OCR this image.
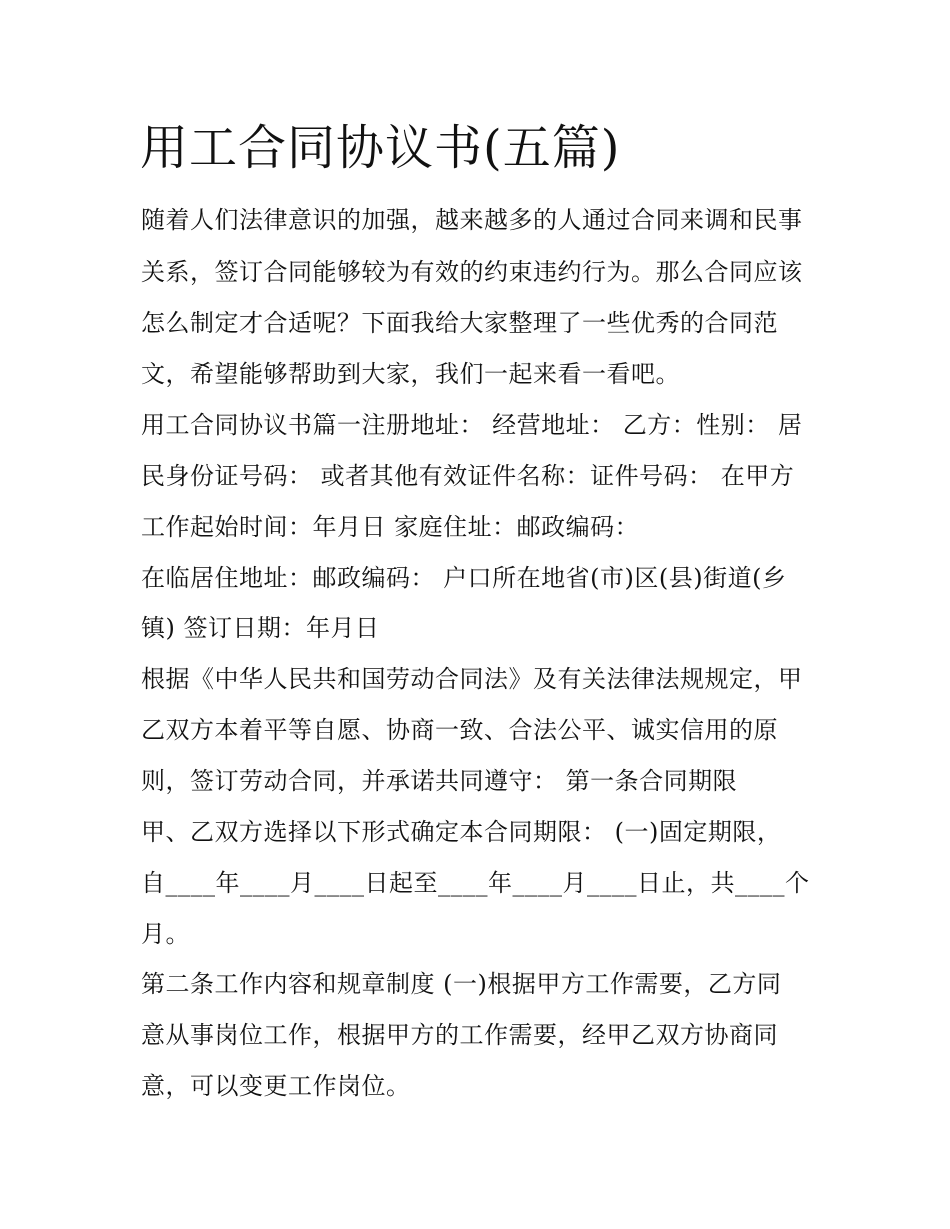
用工合同协议书(五篇)

随着人们法律意识的加强，越来越多的人通过合同来调和民事

关系，签订合同能够较为有效的约束违约行为。那么合同应该

怎么制定才合适呢？下面我给大家整理了一些优秀的合同范

文，希望能够帮助到大家，我们一起来看一看吧。

用工合同协议书篇一注册地址： 经营地址： 乙方：性别： 居

民身份证号码： 或者其他有效证件名称：证件号码： 在甲方

工作起始时间：年月日 家庭住址：邮政编码：

在临居住地址：邮政编码： 户口所在地省(市)区(县)街道(乡

镇) 签订日期：年月日

根据《中华人民共和国劳动合同法》及有关法律法规规定，甲

乙双方本着平等自愿、协商一致、合法公平、诚实信用的原

则，签订劳动合同，并承诺共同遵守： 第一条合同期限

甲、乙双方选择以下形式确定本合同期限： (一)固定期限，

自____年____月____日起至____年____月____日止，共____个

月。

第二条工作内容和规章制度 (一)根据甲方工作需要，乙方同

意从事岗位工作，根据甲方的工作需要，经甲乙双方协商同

意，可以变更工作岗位。
